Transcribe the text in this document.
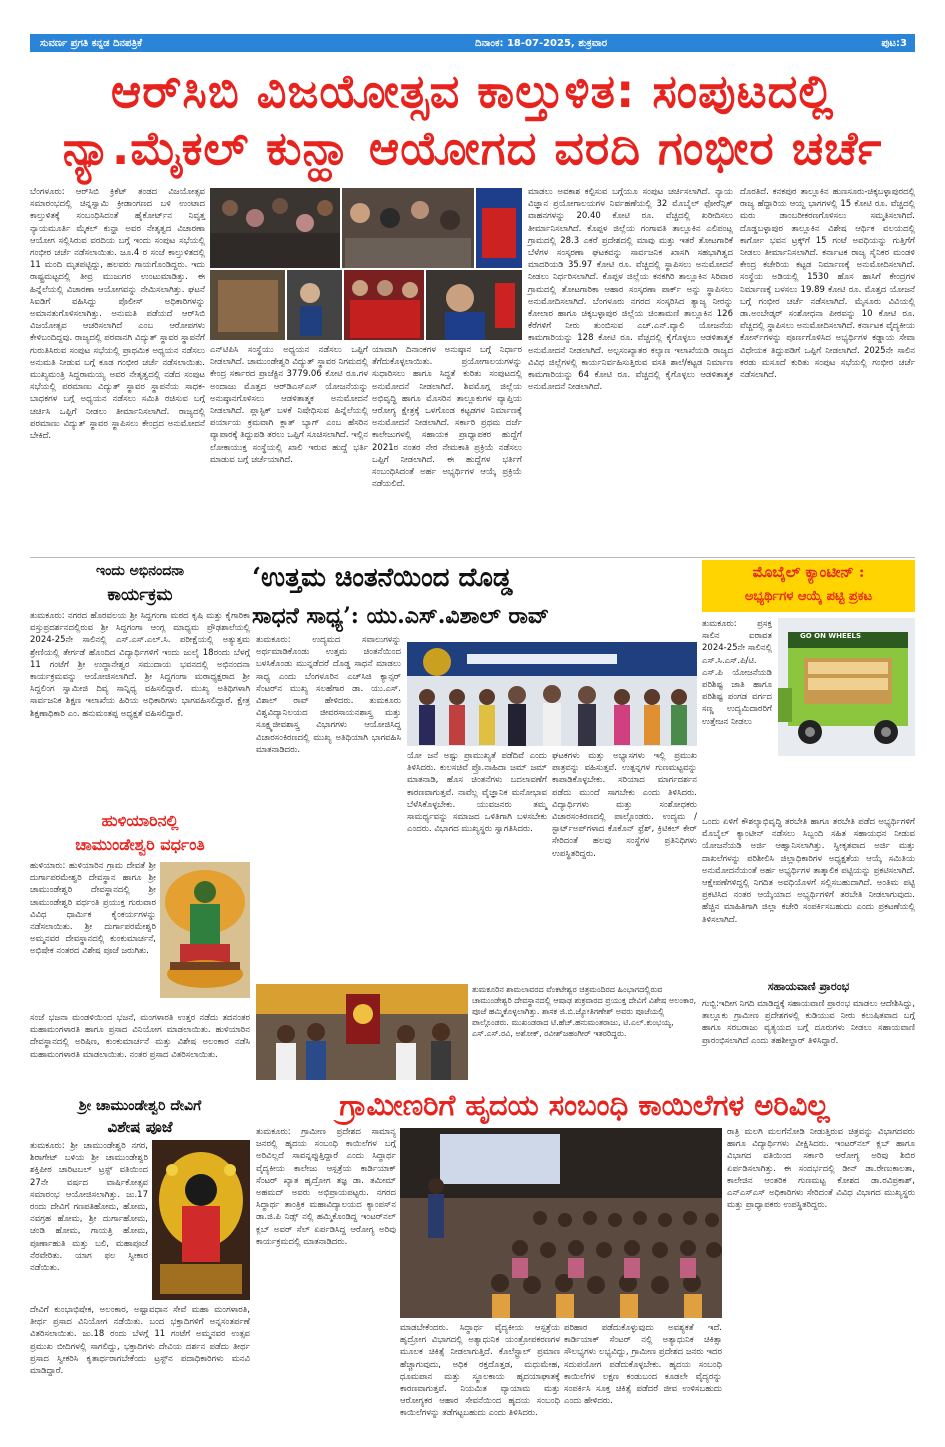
ಸುವರ್ಣ ಪ್ರಗತಿ ಕನ್ನಡ ದಿನಪತ್ರಿಕೆ	ದಿನಾಂಕ: 18-07-2025, ಶುಕ್ರವಾರ	ಪುಟ:3
ಆರ್‌ಸಿಬಿ ವಿಜಯೋತ್ಸವ ಕಾಲ್ತುಳಿತ: ಸಂಪುಟದಲ್ಲಿ
ನ್ಯಾ.ಮೈಕಲ್ ಕುನ್ಹಾ ಆಯೋಗದ ವರದಿ ಗಂಭೀರ ಚರ್ಚೆ
ಬೆಂಗಳೂರು: ಆರ್‌ಸಿಬಿ ಕ್ರಿಕೆಟ್ ತಂಡದ ವಿಜಯೋತ್ಸವ ಸಮಾರಂಭದಲ್ಲಿ ಚಿನ್ನಸ್ವಾಮಿ ಕ್ರೀಡಾಂಗಣದ ಬಳಿ ಉಂಟಾದ ಕಾಲ್ತುಳಿತಕ್ಕೆ ಸಂಬಂಧಿಸಿದಂತೆ ಹೈಕೋರ್ಟ್‌ನ ನಿವೃತ್ತ ನ್ಯಾಯಮೂರ್ತಿ ಮೈಕಲ್ ಕುನ್ಹಾ ಅವರ ನೇತೃತ್ವದ ವಿಚಾರಣಾ ಆಯೋಗ ಸಲ್ಲಿಸಿರುವ ವರದಿಯ ಬಗ್ಗೆ ಇಂದು ಸಂಪುಟ ಸಭೆಯಲ್ಲಿ ಗಂಭೀರ ಚರ್ಚೆ ನಡೆಸಲಾಯಿತು. ಜೂ.4 ರ ಸಂಜೆ ಕಾಲ್ತುಳಿತದಲ್ಲಿ 11 ಮಂದಿ ಮೃತಪಟ್ಟಿದ್ದು, ಹಲವರು ಗಾಯಗೊಂಡಿದ್ದರು. ಇದು ರಾಷ್ಟ್ರಮಟ್ಟದಲ್ಲಿ ತೀವ್ರ ಮುಜುಗರ ಉಂಟುಮಾಡಿತ್ತು. ಈ ಹಿನ್ನೆಲೆಯಲ್ಲಿ ವಿಚಾರಣಾ ಆಯೋಗವನ್ನು ನೇಮಿಸಲಾಗಿತ್ತು. ಘಟನೆ ಸಿಐಡಿಗೆ ವಹಿಸಿದ್ದು ಪೊಲೀಸ್ ಅಧಿಕಾರಿಗಳನ್ನು ಅಮಾನತುಗೊಳಿಸಲಾಗಿತ್ತು. ಅನುಮತಿ ಪಡೆಯದೆ ಆರ್‌ಸಿಬಿ ವಿಜಯೋತ್ಸವ ಆಚರಿಸಲಾಗಿದೆ ಎಂಬ ಆರೋಪಗಳು ಕೇಳಿಬಂದಿದ್ದವು. ರಾಜ್ಯದಲ್ಲಿ ಪರವಾನಗಿ ವಿದ್ಯುತ್ ಸ್ಥಾವರ ಸ್ಥಾಪನೆಗೆ ಗುರುತಿಸಿರುವ ಸಂಪುಟ ಸಭೆಯಲ್ಲಿ ಪ್ರಾಥಮಿಕ ಅಧ್ಯಯನ ನಡೆಸಲು ಅನುಮತಿ ನೀಡುವ ಬಗ್ಗೆ ಕೂಡ ಗಂಭೀರ ಚರ್ಚೆ ನಡೆಸಲಾಯಿತು. ಮುಖ್ಯಮಂತ್ರಿ ಸಿದ್ದರಾಮಯ್ಯ ಅವರ ನೇತೃತ್ವದಲ್ಲಿ ನಡೆದ ಸಂಪುಟ ಸಭೆಯಲ್ಲಿ ಪರಮಾಣು ವಿದ್ಯುತ್ ಸ್ಥಾವರ ಸ್ಥಾಪನೆಯ ಸಾಧಕ-ಬಾಧಕಗಳ ಬಗ್ಗೆ ಅಧ್ಯಯನ ನಡೆಸಲು ಸಮಿತಿ ರಚಿಸುವ ಬಗ್ಗೆ ಚರ್ಚಿಸಿ ಒಪ್ಪಿಗೆ ನೀಡಲು ತೀರ್ಮಾನಿಸಲಾಗಿದೆ. ರಾಜ್ಯದಲ್ಲಿ ಪರಮಾಣು ವಿದ್ಯುತ್ ಸ್ಥಾವರ ಸ್ಥಾಪಿಸಲು ಕೇಂದ್ರದ ಅನುಮೋದನೆ ಬೇಕಿದೆ.
ಎನ್‌ಟಿಪಿಸಿ ಸಂಸ್ಥೆಯು ಅಧ್ಯಯನ ನಡೆಸಲು ಒಪ್ಪಿಗೆ ನೀಡಲಾಗಿದೆ. ಚಾಮುಂಡೇಶ್ವರಿ ವಿದ್ಯುತ್ ಸ್ಥಾವರ ನಿಗಮದಲ್ಲಿ ಕೇಂದ್ರ ಸರ್ಕಾರದ ಪ್ರಾಜೆಕ್ಟಿನ 3779.06 ಕೋಟಿ ರೂ.ಗಳ ಅಂದಾಜು ಮೊತ್ತದ ಆರ್‌ಡಿಎಸ್‌ಎಸ್ ಯೋಜನೆಯನ್ನು ಅನುಷ್ಠಾನಗೊಳಿಸಲು ಆಡಳಿತಾತ್ಮಕ ಅನುಮೋದನೆ ನೀಡಲಾಗಿದೆ. ಪ್ಲಾಸ್ಟಿಕ್ ಬಳಕೆ ನಿಷೇಧಿಸುವ ಹಿನ್ನೆಲೆಯಲ್ಲಿ ಪರ್ಯಾಯ ಕ್ರಮವಾಗಿ ಕ್ಲಾತ್ ಬ್ಯಾಗ್ ಎಂಬ ಹೆಸರಿನ ವ್ಯಾಪಾರಕ್ಕೆ ತಿದ್ದುಪಡಿ ತರಲು ಒಪ್ಪಿಗೆ ಸೂಚಿಸಲಾಗಿದೆ. ಇಲ್ಲಿನ ಲೋಕಾಯುಕ್ತ ಸಂಸ್ಥೆಯಲ್ಲಿ ಖಾಲಿ ಇರುವ ಹುದ್ದೆ ಭರ್ತಿ ಮಾಡುವ ಬಗ್ಗೆ ಚರ್ಚೆಯಾಗಿದೆ.
ಯಾವಾಗಿ ದಿನಾಂಕಗಳ ಅನುಷ್ಠಾನ ಬಗ್ಗೆ ನಿರ್ಧಾರ ತೆಗೆದುಕೊಳ್ಳಲಾಯಿತು. ಪ್ರಯೋಗಾಲಯಗಳನ್ನು ಸುಧಾರಿಸಲು ಹಾಗೂ ಸಿದ್ಧತೆ ಕುರಿತು ಸಂಪುಟದಲ್ಲಿ ಅನುಮೋದನೆ ನೀಡಲಾಗಿದೆ. ಶಿವಮೊಗ್ಗ ಜಿಲ್ಲೆಯ ಅಭಿವೃದ್ಧಿ ಹಾಗೂ ಮೊಸರಿನ ತಾಲ್ಲೂಕುಗಳ ವ್ಯಾಪ್ತಿಯ ಆರೋಗ್ಯ ಕ್ಷೇತ್ರಕ್ಕೆ ಒಳಗೊಂಡ ಕಟ್ಟಡಗಳ ನಿರ್ಮಾಣಕ್ಕೆ ಅನುಮೋದನೆ ನೀಡಲಾಗಿದೆ. ಸರ್ಕಾರಿ ಪ್ರಥಮ ದರ್ಜೆ ಕಾಲೇಜುಗಳಲ್ಲಿ ಸಹಾಯಕ ಪ್ರಾಧ್ಯಾಪಕರ ಹುದ್ದೆಗೆ 2021ರ ನಂತರ ನೇರ ನೇಮಕಾತಿ ಪ್ರಕ್ರಿಯೆ ನಡೆಸಲು ಒಪ್ಪಿಗೆ ನೀಡಲಾಗಿದೆ. ಈ ಹುದ್ದೆಗಳ ಭರ್ತಿಗೆ ಸಂಬಂಧಿಸಿದಂತೆ ಅರ್ಹ ಅಭ್ಯರ್ಥಿಗಳ ಆಯ್ಕೆ ಪ್ರಕ್ರಿಯೆ ನಡೆಯಲಿದೆ.
ಮಾಡಲು ಅವಕಾಶ ಕಲ್ಪಿಸುವ ಬಗ್ಗೆಯೂ ಸಂಪುಟ ಚರ್ಚಿಸಲಾಗಿದೆ. ನ್ಯಾಯ ವಿಜ್ಞಾನ ಪ್ರಯೋಗಾಲಯಗಳ ನಿರ್ವಹಣೆಯಲ್ಲಿ 32 ಮೊಬೈಲ್ ಫೋರೆನ್ಸಿಕ್ ವಾಹನಗಳನ್ನು 20.40 ಕೋಟಿ ರೂ. ವೆಚ್ಚದಲ್ಲಿ ಖರೀದಿಸಲು ತೀರ್ಮಾನಿಸಲಾಗಿದೆ. ಕೊಪ್ಪಳ ಜಿಲ್ಲೆಯ ಗಂಗಾವತಿ ತಾಲ್ಲೂಕಿನ ಎಲಿಪಂಟ್ಲ ಗ್ರಾಮದಲ್ಲಿ 28.3 ಎಕರೆ ಪ್ರದೇಶದಲ್ಲಿ ಮಾವು ಮತ್ತು ಇತರೆ ತೋಟಗಾರಿಕೆ ಬೆಳೆಗಳ ಸಂಸ್ಕರಣಾ ಘಟಕವನ್ನು ಸಾರ್ವಜನಿಕ ಖಾಸಗಿ ಸಹಭಾಗಿತ್ವದ ಮಾದರಿಯಡಿ 35.97 ಕೋಟಿ ರೂ. ವೆಚ್ಚದಲ್ಲಿ ಸ್ಥಾಪಿಸಲು ಅನುಮೋದನೆ ನೀಡಲು ನಿರ್ಧರಿಸಲಾಗಿದೆ. ಕೊಪ್ಪಳ ಜಿಲ್ಲೆಯ ಕನಕಗಿರಿ ತಾಲ್ಲೂಕಿನ ಸಿರಿವಾರ ಗ್ರಾಮದಲ್ಲಿ ತೋಟಗಾರಿಕಾ ಆಹಾರ ಸಂಸ್ಕರಣಾ ಪಾರ್ಕ್ ಅನ್ನು ಸ್ಥಾಪಿಸಲು ಅನುಮೋದಿಸಲಾಗಿದೆ. ಬೆಂಗಳೂರು ನಗರದ ಸಂಸ್ಕರಿಸಿದ ತ್ಯಾಜ್ಯ ನೀರನ್ನು ಕೋಲಾರ ಹಾಗೂ ಚಿಕ್ಕಬಳ್ಳಾಪುರ ಜಿಲ್ಲೆಯ ಚಿಂತಾಮಣಿ ತಾಲ್ಲೂಕಿನ 126 ಕೆರೆಗಳಿಗೆ ನೀರು ತುಂಬಿಸುವ ಎಚ್.ಎನ್.ವ್ಯಾಲಿ ಯೋಜನೆಯ ಕಾಮಗಾರಿಯನ್ನು 128 ಕೋಟಿ ರೂ. ವೆಚ್ಚದಲ್ಲಿ ಕೈಗೊಳ್ಳಲು ಆಡಳಿತಾತ್ಮಕ ಅನುಮೋದನೆ ನೀಡಲಾಗಿದೆ. ಅಲ್ಪಸಂಖ್ಯಾತರ ಕಲ್ಯಾಣ ಇಲಾಖೆಯಡಿ ರಾಜ್ಯದ ವಿವಿಧ ಜಿಲ್ಲೆಗಳಲ್ಲಿ ಕಾರ್ಯನಿರ್ವಹಿಸುತ್ತಿರುವ ವಸತಿ ಶಾಲೆ/ಕಟ್ಟಡ ನಿರ್ಮಾಣ ಕಾಮಗಾರಿಯನ್ನು 64 ಕೋಟಿ ರೂ. ವೆಚ್ಚದಲ್ಲಿ ಕೈಗೊಳ್ಳಲು ಆಡಳಿತಾತ್ಮಕ ಅನುಮೋದನೆ ನೀಡಲಾಗಿದೆ.
ದೊರತಿದೆ. ಕನಕಪುರ ತಾಲ್ಲೂಕಿನ ಹುಣಸೂರು-ಚಿಕ್ಕಬಳ್ಳಾಪುರದಲ್ಲಿ ರಾಜ್ಯ ಹೆದ್ದಾರಿಯ ಆಯ್ದ ಭಾಗಗಳಲ್ಲಿ 15 ಕೋಟಿ ರೂ. ವೆಚ್ಚದಲ್ಲಿ ಮರು ಡಾಂಬರೀಕರಣಗೊಳಿಸಲು ಸಮ್ಮತಿಸಲಾಗಿದೆ. ದೊಡ್ಡಬಳ್ಳಾಪುರ ತಾಲ್ಲೂಕಿನ ವಿಶೇಷ ಆರ್ಥಿಕ ವಲಯದಲ್ಲಿ ಕಾರ್ಗೋ ಭವನ ಟ್ರಕ್ಕ್‌ಗೆ 15 ಗಂಟೆ ಅವಧಿಯನ್ನು ಗುತ್ತಿಗೆಗೆ ನೀಡಲು ತೀರ್ಮಾನಿಸಲಾಗಿದೆ. ಕರ್ನಾಟಕ ರಾಜ್ಯ ಸೈನಿಕರ ಮಂಡಳಿ ಕೇಂದ್ರ ಕಚೇರಿಯ ಕಟ್ಟಡ ನಿರ್ಮಾಣಕ್ಕೆ ಅನುಮೋದಿಸಲಾಗಿದೆ. ಸಂಸ್ಥೆಯ ಅಡಿಯಲ್ಲಿ 1530 ಹೊಸ ಹಾಸಿಗೆ ಕೇಂದ್ರಗಳ ನಿರ್ಮಾಣಕ್ಕೆ ಬಳಸಲು 19.89 ಕೋಟಿ ರೂ. ಮೊತ್ತದ ಯೋಜನೆ ಬಗ್ಗೆ ಗಂಭೀರ ಚರ್ಚೆ ನಡೆಸಲಾಗಿದೆ. ಮೈಸೂರು ವಿವಿಯಲ್ಲಿ ಡಾ.ಅಂಬೇಡ್ಕರ್ ಸಂಶೋಧನಾ ಪೀಠವನ್ನು 10 ಕೋಟಿ ರೂ. ವೆಚ್ಚದಲ್ಲಿ ಸ್ಥಾಪಿಸಲು ಅನುಮೋದಿಸಲಾಗಿದೆ. ಕರ್ನಾಟಕ ವೈದ್ಯಕೀಯ ಕೋರ್ಸ್‌ಗಳನ್ನು ಪೂರ್ಣಗೊಳಿಸಿದ ಅಭ್ಯರ್ಥಿಗಳ ಕಡ್ಡಾಯ ಸೇವಾ ವಿಧೇಯಕ ತಿದ್ದುಪಡಿಗೆ ಒಪ್ಪಿಗೆ ನೀಡಲಾಗಿದೆ. 2025ನೇ ಸಾಲಿನ ಕರಡು ಮಸೂದೆ ಕುರಿತು ಸಂಪುಟ ಸಭೆಯಲ್ಲಿ ಗಂಭೀರ ಚರ್ಚೆ ನಡೆಸಲಾಗಿದೆ.
ಇಂದು ಅಭಿನಂದನಾ
ಕಾರ್ಯಕ್ರಮ
ತುಮಕೂರು: ನಗರದ ಹೊರವಲಯ ಶ್ರೀ ಸಿದ್ದಗಂಗಾ ಮಠದ ಕೃಷಿ ಮತ್ತು ಕೈಗಾರಿಕಾ ವಸ್ತುಪ್ರದರ್ಶನದಲ್ಲಿರುವ ಶ್ರೀ ಸಿದ್ದಗಂಗಾ ಆಂಗ್ಲ ಮಾಧ್ಯಮ ಪ್ರೌಢಶಾಲೆಯಲ್ಲಿ 2024-25ನೇ ಸಾಲಿನಲ್ಲಿ ಎಸ್.ಎಸ್.ಎಲ್.ಸಿ. ಪರೀಕ್ಷೆಯಲ್ಲಿ ಅತ್ಯುತ್ತಮ ಶ್ರೇಣಿಯಲ್ಲಿ ತೇರ್ಗಡೆ ಹೊಂದಿದ ವಿದ್ಯಾರ್ಥಿಗಳಿಗೆ ಇಂದು ಜುಲೈ 18ರಂದು ಬೆಳಗ್ಗೆ 11 ಗಂಟೆಗೆ ಶ್ರೀ ಉದ್ಧಾನೇಶ್ವರ ಸಮುದಾಯ ಭವನದಲ್ಲಿ ಅಭಿನಂದನಾ ಕಾರ್ಯಕ್ರಮವನ್ನು ಆಯೋಜಿಸಲಾಗಿದೆ. ಶ್ರೀ ಸಿದ್ದಗಂಗಾ ಮಠಾಧ್ಯಕ್ಷರಾದ ಶ್ರೀ ಸಿದ್ದಲಿಂಗ ಸ್ವಾಮೀಜಿ ದಿವ್ಯ ಸಾನ್ನಿಧ್ಯ ವಹಿಸಲಿದ್ದಾರೆ. ಮುಖ್ಯ ಅತಿಥಿಗಳಾಗಿ ಸಾರ್ವಜನಿಕ ಶಿಕ್ಷಣ ಇಲಾಖೆಯ ಹಿರಿಯ ಅಧಿಕಾರಿಗಳು ಭಾಗವಹಿಸಲಿದ್ದಾರೆ. ಕ್ಷೇತ್ರ ಶಿಕ್ಷಣಾಧಿಕಾರಿ ಎಂ. ಹನುಮಂತಪ್ಪ ಅಧ್ಯಕ್ಷತೆ ವಹಿಸಲಿದ್ದಾರೆ.
ಹುಳಿಯಾರಿನಲ್ಲಿ
ಚಾಮುಂಡೇಶ್ವರಿ ವರ್ಧಂತಿ
ಹುಳಿಯಾರು: ಹುಳಿಯಾರಿನ ಗ್ರಾಮ ದೇವತೆ ಶ್ರೀ ದುರ್ಗಾಪರಮೇಶ್ವರಿ ದೇವಸ್ಥಾನ ಹಾಗೂ ಶ್ರೀ ಚಾಮುಂಡೇಶ್ವರಿ ದೇವಸ್ಥಾನದಲ್ಲಿ ಶ್ರೀ ಚಾಮುಂಡೇಶ್ವರಿ ವರ್ಧಂತಿ ಪ್ರಯುಕ್ತ ಗುರುವಾರ ವಿವಿಧ ಧಾರ್ಮಿಕ ಕೈಂಕರ್ಯಗಳನ್ನು ನಡೆಸಲಾಯಿತು. ಶ್ರೀ ದುರ್ಗಾಪರಮೇಶ್ವರಿ ಅಮ್ಮನವರ ದೇವಸ್ಥಾನದಲ್ಲಿ ಕುಂಕುಮಾರ್ಚನೆ, ಅಭಿಷೇಕ ನಂತರದ ವಿಶೇಷ ಪೂಜೆ ಜರುಗಿತು.
ಸಂಜೆ ಭಜನಾ ಮಂಡಳಿಯಿಂದ ಭಜನೆ, ಮಂಗಳಾರತಿ ಉತ್ತರ ನಡೆದು ತದನಂತರ ಮಹಾಮಂಗಳಾರತಿ ಹಾಗೂ ಪ್ರಸಾದ ವಿನಿಯೋಗ ಮಾಡಲಾಯಿತು. ಹುಳಿಯಾರಿನ ದೇವಸ್ಥಾನದಲ್ಲಿ ಅರಿಷಿಣ, ಕುಂಕುಮಾರ್ಚನೆ ಮತ್ತು ವಿಶೇಷ ಅಲಂಕಾರ ನಡೆಸಿ ಮಹಾಮಂಗಳಾರತಿ ಮಾಡಲಾಯಿತು. ನಂತರ ಪ್ರಸಾದ ವಿತರಿಸಲಾಯಿತು.
ಶ್ರೀ ಚಾಮುಂಡೇಶ್ವರಿ ದೇವಿಗೆ
ವಿಶೇಷ ಪೂಜೆ
ತುಮಕೂರು: ಶ್ರೀ ಚಾಮುಂಡೇಶ್ವರಿ ನಗರ, ಶಿರಾಗೇಟ್ ಬಳಿಯ ಶ್ರೀ ಚಾಮುಂಡೇಶ್ವರಿ ಶಕ್ತಿಪೀಠ ಚಾರಿಟಬಲ್ ಟ್ರಸ್ಟ್ ವತಿಯಿಂದ 27ನೇ ವರ್ಷದ ವಾರ್ಷಿಕೋತ್ಸವ ಸಮಾರಂಭ ಆಯೋಜಿಸಲಾಗಿತ್ತು. ಜು.17 ರಂದು ದೇವಿಗೆ ಗಣಪತಿಹೋಮ, ಹೋಮ, ನವಗ್ರಹ ಹೋಮ, ಶ್ರೀ ದುರ್ಗಾಹೋಮ, ಚಂಡಿ ಹೋಮ, ಗಾಯತ್ರಿ ಹೋಮ, ಪೂರ್ಣಾಹುತಿ ಮತ್ತು ಬಲಿ, ಮಹಾಪೂಜೆ ನೆರವೇರಿತು. ಯಾಗ ಫಲ ಸ್ವೀಕಾರ ನಡೆಯಿತು.
ದೇವಿಗೆ ಕುಂಭಾಭಿಷೇಕ, ಅಲಂಕಾರ, ಅಷ್ಟಾವಧಾನ ಸೇವೆ ಮಹಾ ಮಂಗಳಾರತಿ, ತೀರ್ಥ ಪ್ರಸಾದ ವಿನಿಯೋಗ ನಡೆಯಿತು. ಬಂದ ಭಕ್ತಾದಿಗಳಿಗೆ ಅನ್ನಸಂತರ್ಪಣೆ ವಿತರಿಸಲಾಯಿತು. ಜು.18 ರಂದು ಬೆಳಗ್ಗೆ 11 ಗಂಟೆಗೆ ಅಮ್ಮನವರ ಉತ್ಸವ ಪ್ರಮುಖ ಬೀದಿಗಳಲ್ಲಿ ಸಾಗಲಿದ್ದು, ಭಕ್ತಾದಿಗಳು ದೇವಿಯ ದರ್ಶನ ಪಡೆದು ತೀರ್ಥ ಪ್ರಸಾದ ಸ್ವೀಕರಿಸಿ ಕೃತಾರ್ಥರಾಗಬೇಕೆಂದು ಟ್ರಸ್ಟ್‌ನ ಪದಾಧಿಕಾರಿಗಳು ಮನವಿ ಮಾಡಿದ್ದಾರೆ.
‘ಉತ್ತಮ ಚಿಂತನೆಯಿಂದ ದೊಡ್ಡ
ಸಾಧನೆ ಸಾಧ್ಯ’: ಯು.ಎಸ್.ವಿಶಾಲ್ ರಾವ್
ತುಮಕೂರು: ಉದ್ಯಮದ ಸವಾಲುಗಳನ್ನು ಅರ್ಥಮಾಡಿಕೊಂಡು ಉತ್ತಮ ಚಿಂತನೆಯಿಂದ ಬಳಸಿಕೊಂಡು ಮುನ್ನಡೆದರೆ ದೊಡ್ಡ ಸಾಧನೆ ಮಾಡಲು ಸಾಧ್ಯ ಎಂದು ಬೆಂಗಳೂರಿನ ಎಚ್‌ಸಿಜಿ ಕ್ಯಾನ್ಸರ್ ಸೆಂಟರ್‌ನ ಮುಖ್ಯ ಸಲಹೆಗಾರ ಡಾ. ಯು.ಎಸ್. ವಿಶಾಲ್ ರಾವ್ ಹೇಳಿದರು. ತುಮಕೂರು ವಿಶ್ವವಿದ್ಯಾನಿಲಯದ ಜೀವರಸಾಯನಶಾಸ್ತ್ರ ಮತ್ತು ಸೂಕ್ಷ್ಮಜೀವಶಾಸ್ತ್ರ ವಿಭಾಗಗಳು ಆಯೋಜಿಸಿದ್ದ ವಿಚಾರಸಂಕಿರಣದಲ್ಲಿ ಮುಖ್ಯ ಅತಿಥಿಯಾಗಿ ಭಾಗವಹಿಸಿ ಮಾತನಾಡಿದರು.
ಯೋ ಜನೆ ಅಷ್ಟು ಪ್ರಾಮುಖ್ಯತೆ ಪಡೆದಿವೆ ಎಂದು ತಿಳಿಸಿದರು. ಕುಲಸಚಿವೆ ಪ್ರೊ.ನಾಹಿದಾ ಜಮ್ ಜಮ್ ಮಾತನಾಡಿ, ಹೊಸ ಚಿಂತನೆಗಳು ಬದಲಾವಣೆಗೆ ಕಾರಣವಾಗುತ್ತವೆ. ನಾವೆಲ್ಲ ವೈಜ್ಞಾನಿಕ ಮನೋಭಾವ ಬೆಳೆಸಿಕೊಳ್ಳಬೇಕು. ಯುವಜನರು ತಮ್ಮ ಸಾಮರ್ಥ್ಯವನ್ನು ಸಮಾಜದ ಒಳಿತಿಗಾಗಿ ಬಳಸಬೇಕು ಎಂದರು. ವಿಭಾಗದ ಮುಖ್ಯಸ್ಥರು ಸ್ವಾಗತಿಸಿದರು.
ಘಟಕಗಳು ಮತ್ತು ಅಭ್ಯಾಸಗಳು ಇಲ್ಲಿ ಪ್ರಮುಖ ಪಾತ್ರವನ್ನು ವಹಿಸುತ್ತವೆ. ಉತ್ಪನ್ನಗಳ ಗುಣಮಟ್ಟವನ್ನು ಕಾಪಾಡಿಕೊಳ್ಳಬೇಕು. ಸರಿಯಾದ ಮಾರ್ಗದರ್ಶನ ಪಡೆದು ಮುಂದೆ ಸಾಗಬೇಕು ಎಂದು ತಿಳಿಸಿದರು. ವಿದ್ಯಾರ್ಥಿಗಳು ಮತ್ತು ಸಂಶೋಧಕರು ವಿಚಾರಸಂಕಿರಣದಲ್ಲಿ ಪಾಲ್ಗೊಂಡರು. ಉದ್ಯಮ / ಸ್ಟಾರ್ಟ್‌ಅಪ್‌ಗಳಾದ ಕೊಕೊನ್ ಫ್ರೆಶ್, ಕ್ರಿಟಿಕಲ್ ಕೇರ್ ಸೇರಿದಂತೆ ಹಲವು ಸಂಸ್ಥೆಗಳ ಪ್ರತಿನಿಧಿಗಳು ಉಪಸ್ಥಿತರಿದ್ದರು.
ತುಮಕೂರಿನ ಶಾಮಲಾವರದ ವೆಂಕಟೇಶ್ವರ ಚಿತ್ರಮಂದಿರದ ಹಿಂಭಾಗದಲ್ಲಿರುವ ಚಾಮುಂಡೇಶ್ವರಿ ದೇವಸ್ಥಾನದಲ್ಲಿ ಆಷಾಢ ಶುಕ್ರವಾರದ ಪ್ರಯುಕ್ತ ದೇವಿಗೆ ವಿಶೇಷ ಅಲಂಕಾರ, ಪೂಜೆ ಹಮ್ಮಿಕೊಳ್ಳಲಾಗಿತ್ತು. ಶಾಸಕ ಜಿ.ಬಿ.ಜ್ಯೋತಿಗಣೇಶ್ ಅವರು ಪೂಜೆಯಲ್ಲಿ ಪಾಲ್ಗೊಂಡರು. ಮುಖಂಡರಾದ ಟಿ.ಹೆಚ್.ಹನುಮಂತರಾಜು, ಟಿ.ಎಲ್.ಕುಂಭಯ್ಯ, ಎಸ್.ಎಸ್.ರವಿ, ಅಶೋಕ್, ರವೀಶ್‌ಜಹಂಗೀರ್ ಇತರರಿದ್ದರು.
ಮೊಬೈಲ್ ಕ್ಯಾಂಟೀನ್ :
ಅಭ್ಯರ್ಥಿಗಳ ಆಯ್ಕೆ ಪಟ್ಟಿ ಪ್ರಕಟ
ತುಮಕೂರು: ಪ್ರಸಕ್ತ ಸಾಲಿನ ಐರಾವತ 2024-25ನೇ ಸಾಲಿನಲ್ಲಿ ಎಸ್.ಸಿ.ಎಸ್.ಪಿ/ಟಿ. ಎಸ್.ಪಿ ಯೋಜನೆಯಡಿ ಪರಿಶಿಷ್ಟ ಜಾತಿ ಹಾಗೂ ಪರಿಶಿಷ್ಟ ಪಂಗಡ ವರ್ಗದ ಸಣ್ಣ ಉದ್ಯಮಿದಾರರಿಗೆ ಉತ್ತೇಜನ ನೀಡಲು
GO ON WHEELS
ಒಂದು ಏಳಿಗೆ ಕೌಶಲ್ಯಾಭಿವೃದ್ಧಿ ತರಬೇತಿ ಹಾಗೂ ತರಬೇತಿ ಪಡೆದ ಅಭ್ಯರ್ಥಿಗಳಿಗೆ ಮೊಬೈಲ್ ಕ್ಯಾಂಟೀನ್ ನಡೆಸಲು ಸಿಬ್ಬಂದಿ ಸಹಿತ ಸಹಾಯಧನ ನೀಡುವ ಯೋಜನೆಯಡಿ ಅರ್ಜಿ ಆಹ್ವಾನಿಸಲಾಗಿತ್ತು. ಸ್ವೀಕೃತವಾದ ಅರ್ಜಿ ಮತ್ತು ದಾಖಲೆಗಳನ್ನು ಪರಿಶೀಲಿಸಿ ಜಿಲ್ಲಾಧಿಕಾರಿಗಳ ಅಧ್ಯಕ್ಷತೆಯ ಆಯ್ಕೆ ಸಮಿತಿಯ ಅನುಮೋದನೆಯಂತೆ ಅರ್ಹ ಅಭ್ಯರ್ಥಿಗಳ ತಾತ್ಕಾಲಿಕ ಪಟ್ಟಿಯನ್ನು ಪ್ರಕಟಿಸಲಾಗಿದೆ. ಆಕ್ಷೇಪಣೆಗಳಿದ್ದಲ್ಲಿ ನಿಗದಿತ ಅವಧಿಯೊಳಗೆ ಸಲ್ಲಿಸಬಹುದಾಗಿದೆ. ಅಂತಿಮ ಪಟ್ಟಿ ಪ್ರಕಟಿಸಿದ ನಂತರ ಆಯ್ಕೆಯಾದ ಅಭ್ಯರ್ಥಿಗಳಿಗೆ ತರಬೇತಿ ನೀಡಲಾಗುವುದು. ಹೆಚ್ಚಿನ ಮಾಹಿತಿಗಾಗಿ ಜಿಲ್ಲಾ ಕಚೇರಿ ಸಂಪರ್ಕಿಸಬಹುದು ಎಂದು ಪ್ರಕಟಣೆಯಲ್ಲಿ ತಿಳಿಸಲಾಗಿದೆ.
ಸಹಾಯವಾಣಿ ಪ್ರಾರಂಭ
ಗುಬ್ಬಿ:ಇದೀಗ ನಿಗದಿ ಮಾಡಿದ್ದಕ್ಕೆ ಸಹಾಯವಾಣಿ ಪ್ರಾರಂಭ ಮಾಡಲು ಆದೇಶಿಸಿದ್ದು, ತಾಲ್ಲೂಕು ಗ್ರಾಮೀಣ ಪ್ರದೇಶಗಳಲ್ಲಿ ಕುಡಿಯುವ ನೀರು ಕಲುಷಿತವಾದ ಬಗ್ಗೆ ಹಾಗೂ ಸರಬರಾಜು ವ್ಯತ್ಯಯದ ಬಗ್ಗೆ ದೂರುಗಳು ನೀಡಲು ಸಹಾಯವಾಣಿ ಪ್ರಾರಂಭಿಸಲಾಗಿದೆ ಎಂದು ತಹಶೀಲ್ದಾರ್ ತಿಳಿಸಿದ್ದಾರೆ.
ಗ್ರಾಮೀಣರಿಗೆ ಹೃದಯ ಸಂಬಂಧಿ ಕಾಯಿಲೆಗಳ ಅರಿವಿಲ್ಲ
ತುಮಕೂರು: ಗ್ರಾಮೀಣ ಪ್ರದೇಶದ ಸಾಮಾನ್ಯ ಜನರಲ್ಲಿ ಹೃದಯ ಸಂಬಂಧಿ ಕಾಯಿಲೆಗಳ ಬಗ್ಗೆ ಅರಿವಿಲ್ಲದೆ ಸಾವನ್ನಪ್ಪುತ್ತಿದ್ದಾರೆ ಎಂದು ಸಿದ್ಧಾರ್ಥ ವೈದ್ಯಕೀಯ ಕಾಲೇಜು ಆಸ್ಪತ್ರೆಯ ಕಾರ್ಡಿಯಾಕ್ ಸೆಂಟರ್ ಖ್ಯಾತ ಹೃದ್ರೋಗ ತಜ್ಞ ಡಾ. ತಮೀಮ್ ಅಹಮದ್ ಅವರು ಅಭಿಪ್ರಾಯಪಟ್ಟರು. ನಗರದ ಸಿದ್ಧಾರ್ಥ ತಾಂತ್ರಿಕ ಮಹಾವಿದ್ಯಾಲಯದ ಕ್ಯಾಂಪಸ್‌ನ ಡಾ.ಜಿ.ಪಿ ನಿಡ್ಸ್ ನಲ್ಲಿ ಹಮ್ಮಿಕೊಂಡಿದ್ದ ಇಂಟರ್‌ನಲ್ ಕ್ಲಬ್ ಅವರ್ ಸೆಲ್ ಏರ್ಪಡಿಸಿದ್ದ ಆರೋಗ್ಯ ಅರಿವು ಕಾರ್ಯಕ್ರಮದಲ್ಲಿ ಮಾತನಾಡಿದರು.
ಮಾಡಬೇಕೆಂದರು. ಸಿದ್ಧಾರ್ಥ ವೈದ್ಯಕೀಯ ಆಸ್ಪತ್ರೆಯ ಹೃದ್ರೋಗ ವಿಭಾಗದಲ್ಲಿ ಅತ್ಯಾಧುನಿಕ ಯಂತ್ರೋಪಕರಣಗಳ ಮೂಲಕ ಚಿಕಿತ್ಸೆ ನೀಡಲಾಗುತ್ತಿದೆ. ಕೊಲೆಸ್ಟ್ರಾಲ್ ಪ್ರಮಾಣ ಹೆಚ್ಚಾಗುವುದು, ಅಧಿಕ ರಕ್ತದೊತ್ತಡ, ಮಧುಮೇಹ, ಧೂಮಪಾನ ಮತ್ತು ಸ್ಥೂಲಕಾಯ ಹೃದಯಾಘಾತಕ್ಕೆ ಕಾರಣವಾಗುತ್ತವೆ. ನಿಯಮಿತ ವ್ಯಾಯಾಮ ಮತ್ತು ಆರೋಗ್ಯಕರ ಆಹಾರ ಸೇವನೆಯಿಂದ ಹೃದಯ ಸಂಬಂಧಿ ಕಾಯಿಲೆಗಳನ್ನು ತಡೆಗಟ್ಟಬಹುದು ಎಂದು ತಿಳಿಸಿದರು.
ಪರಿಹಾರ ಪಡೆದುಕೊಳ್ಳುವುದು ಅವಶ್ಯಕತೆ ಇದೆ. ಕಾರ್ಡಿಯಾಕ್ ಸೆಂಟರ್ ನಲ್ಲಿ ಅತ್ಯಾಧುನಿಕ ಚಿಕಿತ್ಸಾ ಸೌಲಭ್ಯಗಳು ಲಭ್ಯವಿದ್ದು, ಗ್ರಾಮೀಣ ಪ್ರದೇಶದ ಜನರು ಇದರ ಸದುಪಯೋಗ ಪಡೆದುಕೊಳ್ಳಬೇಕು. ಹೃದಯ ಸಂಬಂಧಿ ಕಾಯಿಲೆಗಳ ಲಕ್ಷಣ ಕಂಡುಬಂದ ಕೂಡಲೇ ವೈದ್ಯರನ್ನು ಸಂಪರ್ಕಿಸಿ ಸೂಕ್ತ ಚಿಕಿತ್ಸೆ ಪಡೆದರೆ ಜೀವ ಉಳಿಸಬಹುದು ಎಂದು ಹೇಳಿದರು.
ರಾತ್ರಿ ಮಲಗಿ ಮಲಗೆನೋಡಿ ನೀಡುತ್ತಿರುವ ಚಿತ್ರವನ್ನು ವಿಭಾಗದವರು ಹಾಗೂ ವಿದ್ಯಾರ್ಥಿಗಳು ವೀಕ್ಷಿಸಿದರು. ಇಂಟರ್‌ನಲ್ ಕ್ಲಬ್ ಹಾಗೂ ವಿಭಾಗದ ವತಿಯಿಂದ ಸರ್ಕಾರಿ ಆರೋಗ್ಯ ಅರಿವು ಶಿಬಿರ ಏರ್ಪಡಿಸಲಾಗಿತ್ತು. ಈ ಸಂದರ್ಭದಲ್ಲಿ ಡೀನ್ ಡಾ.ರೇಣುಕಾಲತಾ, ಕಾಲೇಜಿನ ಆಂತರಿಕ ಗುಣಮಟ್ಟ ಕೋಶದ ಡಾ.ರವಿಪ್ರಕಾಶ್, ಎನ್‌ಎಸ್‌ಎಸ್ ಅಧಿಕಾರಿಗಳು ಸೇರಿದಂತೆ ವಿವಿಧ ವಿಭಾಗದ ಮುಖ್ಯಸ್ಥರು ಮತ್ತು ಪ್ರಾಧ್ಯಾಪಕರು ಉಪಸ್ಥಿತರಿದ್ದರು.
